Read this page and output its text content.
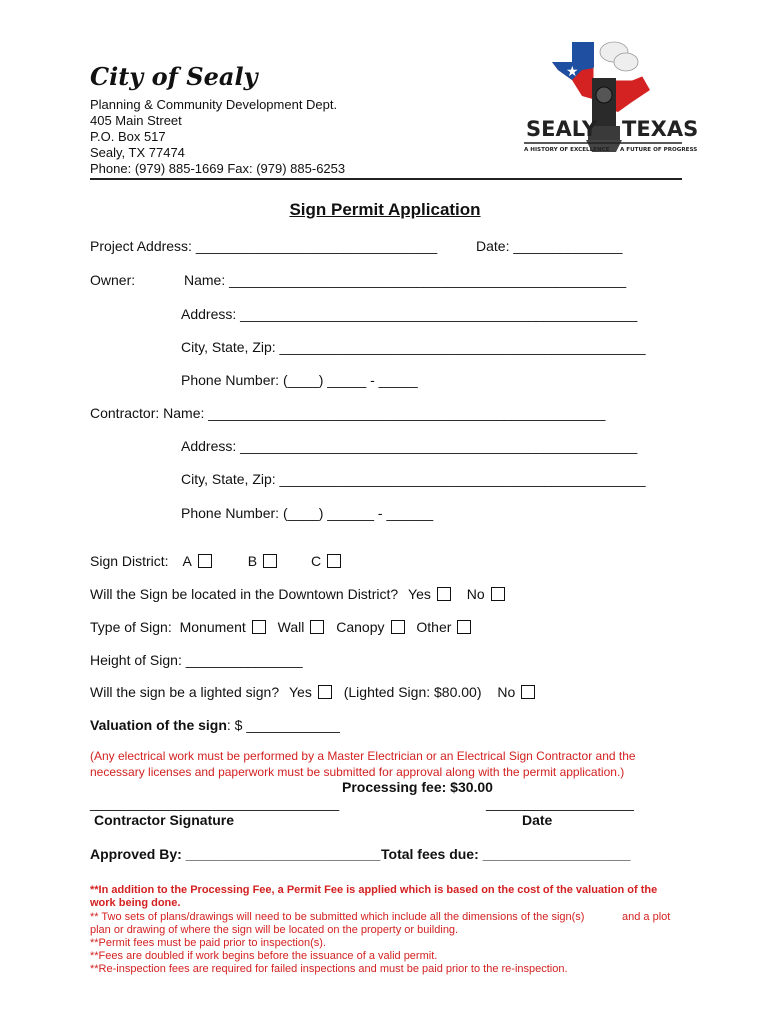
City of Sealy
Planning & Community Development Dept.
405 Main Street
P.O. Box 517
Sealy, TX 77474
Phone: (979) 885-1669 Fax: (979) 885-6253
★
SEALY TEXAS
A HISTORY OF EXCELLENCE A FUTURE OF PROGRESS
Sign Permit Application
Project Address: _______________________________	Date: ______________
Owner:	Name: ___________________________________________________
Address: ___________________________________________________
City, State, Zip: _______________________________________________
Phone Number: (____) _____ - _____
Contractor: Name: ___________________________________________________
Address: ___________________________________________________
City, State, Zip: _______________________________________________
Phone Number: (____) ______ - ______
Sign District: A	B	C
Will the Sign be located in the Downtown District? Yes	No
Type of Sign: Monument Wall Canopy Other
Height of Sign: _______________
Will the sign be a lighted sign? Yes (Lighted Sign: $80.00) No
Valuation of the sign: $ ____________
(Any electrical work must be performed by a Master Electrician or an Electrical Sign Contractor and the
necessary licenses and paperwork must be submitted for approval along with the permit application.)
Processing fee: $30.00
________________________________	___________________
Contractor Signature	Date
Approved By: _________________________ Total fees due: ___________________
**In addition to the Processing Fee, a Permit Fee is applied which is based on the cost of the valuation of the
work being done.
** Two sets of plans/drawings will need to be submitted which include all the dimensions of the sign(s)	and a plot
plan or drawing of where the sign will be located on the property or building.
**Permit fees must be paid prior to inspection(s).
**Fees are doubled if work begins before the issuance of a valid permit.
**Re-inspection fees are required for failed inspections and must be paid prior to the re-inspection.
